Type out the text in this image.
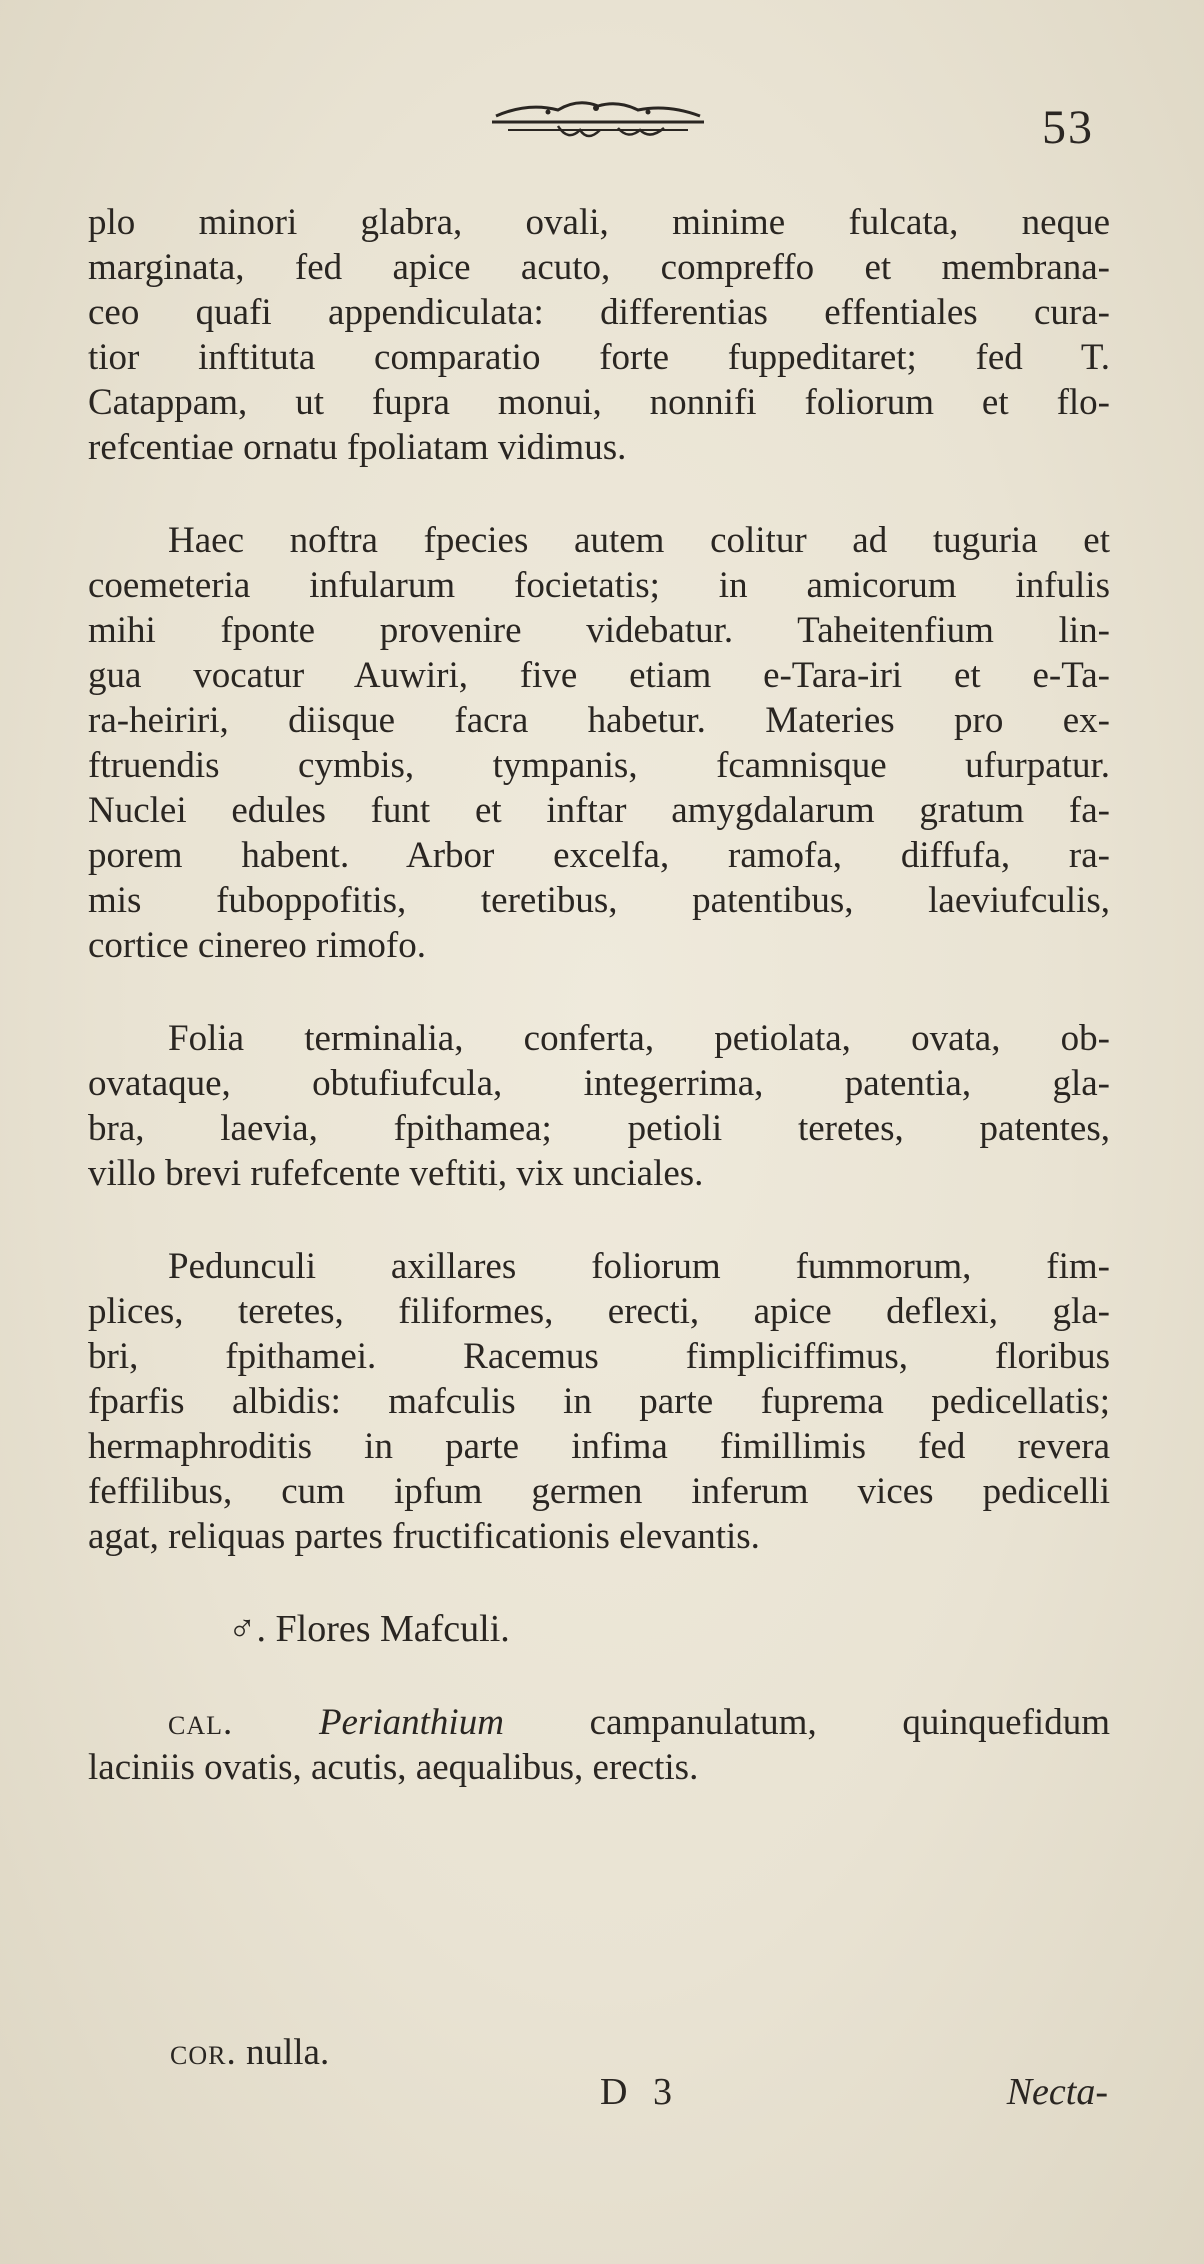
53
plo minori glabra, ovali, minime fulcata, neque
marginata, fed apice acuto, compreffo et membrana-
ceo quafi appendiculata: differentias effentiales cura-
tior inftituta comparatio forte fuppeditaret; fed T.
Catappam, ut fupra monui, nonnifi foliorum et flo-
refcentiae ornatu fpoliatam vidimus.
Haec noftra fpecies autem colitur ad tuguria et
coemeteria infularum focietatis; in amicorum infulis
mihi fponte provenire videbatur. Taheitenfium lin-
gua vocatur Auwiri, five etiam e-Tara-iri et e-Ta-
ra-heiriri, diisque facra habetur. Materies pro ex-
ftruendis cymbis, tympanis, fcamnisque ufurpatur.
Nuclei edules funt et inftar amygdalarum gratum fa-
porem habent. Arbor excelfa, ramofa, diffufa, ra-
mis fuboppofitis, teretibus, patentibus, laeviufculis,
cortice cinereo rimofo.
Folia terminalia, conferta, petiolata, ovata, ob-
ovataque, obtufiufcula, integerrima, patentia, gla-
bra, laevia, fpithamea; petioli teretes, patentes,
villo brevi rufefcente veftiti, vix unciales.
Pedunculi axillares foliorum fummorum, fim-
plices, teretes, filiformes, erecti, apice deflexi, gla-
bri, fpithamei. Racemus fimpliciffimus, floribus
fparfis albidis: mafculis in parte fuprema pedicellatis;
hermaphroditis in parte infima fimillimis fed revera
feffilibus, cum ipfum germen inferum vices pedicelli
agat, reliquas partes fructificationis elevantis.
♂. Flores Mafculi.
cal. Perianthium campanulatum, quinquefidum
laciniis ovatis, acutis, aequalibus, erectis.
cor. nulla.
D 3	Necta-
